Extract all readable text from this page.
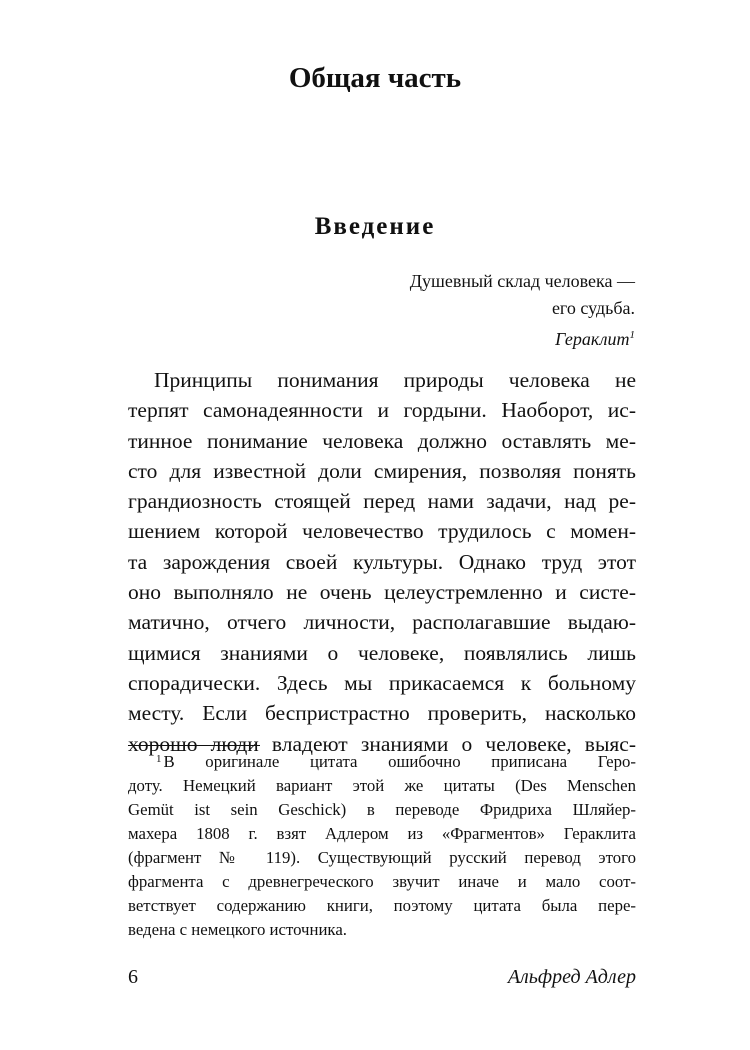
Общая часть
Введение
Душевный склад человека —
его судьба.
Гераклит$^1$
Принципы понимания природы человека не
терпят самонадеянности и гордыни. Наоборот, ис-
тинное понимание человека должно оставлять ме-
сто для известной доли смирения, позволяя понять
грандиозность стоящей перед нами задачи, над ре-
шением которой человечество трудилось с момен-
та зарождения своей культуры. Однако труд этот
оно выполняло не очень целеустремленно и систе-
матично, отчего личности, располагавшие выдаю-
щимися знаниями о человеке, появлялись лишь
спорадически. Здесь мы прикасаемся к больному
месту. Если беспристрастно проверить, насколько
хорошо люди владеют знаниями о человеке, выяс-
$^1$ В оригинале цитата ошибочно приписана Геро-
доту. Немецкий вариант этой же цитаты (Des Menschen
Gemüt ist sein Geschick) в переводе Фридриха Шляйер-
махера 1808 г. взят Адлером из «Фрагментов» Гераклита
(фрагмент № 119). Существующий русский перевод этого
фрагмента с древнегреческого звучит иначе и мало соот-
ветствует содержанию книги, поэтому цитата была пере-
ведена с немецкого источника.
6	Альфред Адлер
